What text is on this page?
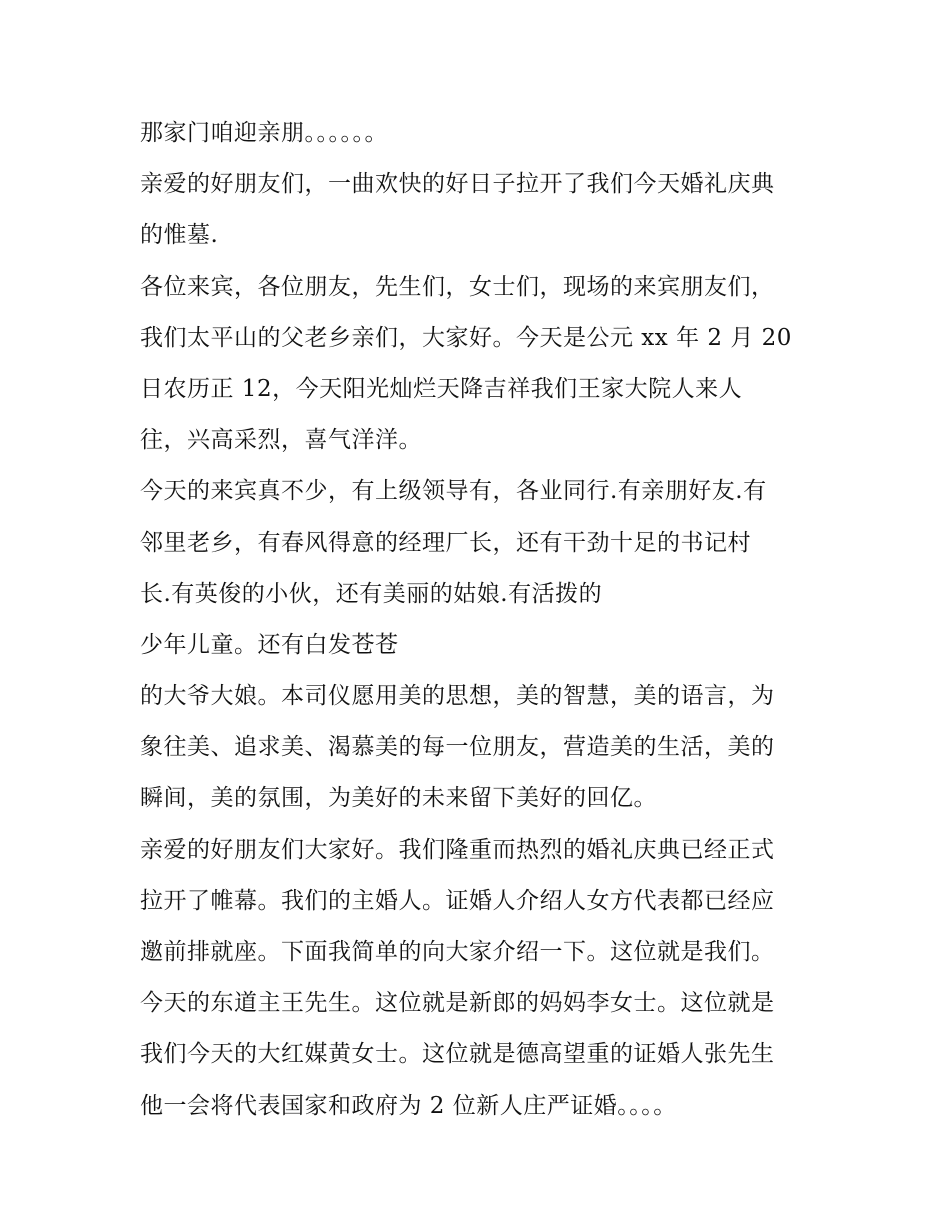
那家门咱迎亲朋。。。。。。
亲爱的好朋友们，一曲欢快的好日子拉开了我们今天婚礼庆典
的惟墓.
各位来宾，各位朋友，先生们，女士们，现场的来宾朋友们，
我们太平山的父老乡亲们，大家好。今天是公元 xx 年 2 月 20
日农历正 12，今天阳光灿烂天降吉祥我们王家大院人来人
往，兴高采烈，喜气洋洋。
今天的来宾真不少，有上级领导有，各业同行.有亲朋好友.有
邻里老乡，有春风得意的经理厂长，还有干劲十足的书记村
长.有英俊的小伙，还有美丽的姑娘.有活拨的
少年儿童。还有白发苍苍
的大爷大娘。本司仪愿用美的思想，美的智慧，美的语言，为
象往美、追求美、渴慕美的每一位朋友，营造美的生活，美的
瞬间，美的氛围，为美好的未来留下美好的回亿。
亲爱的好朋友们大家好。我们隆重而热烈的婚礼庆典已经正式
拉开了帷幕。我们的主婚人。证婚人介绍人女方代表都已经应
邀前排就座。下面我简单的向大家介绍一下。这位就是我们。
今天的东道主王先生。这位就是新郎的妈妈李女士。这位就是
我们今天的大红媒黄女士。这位就是德高望重的证婚人张先生
他一会将代表国家和政府为 2 位新人庄严证婚。。。。
